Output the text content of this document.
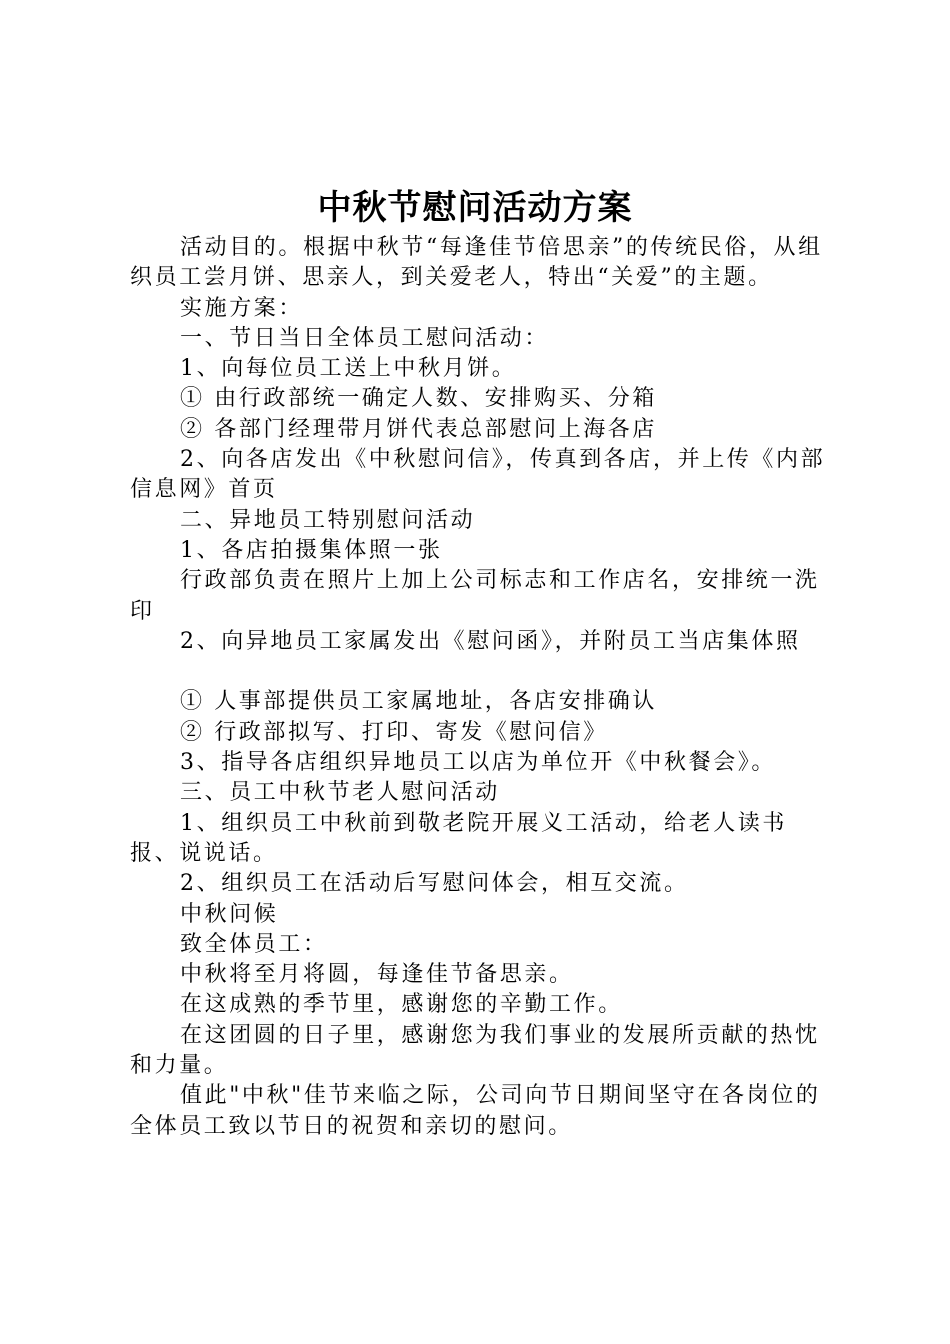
中秋节慰问活动方案

活动目的。根据中秋节“每逢佳节倍思亲”的传统民俗，从组织员工尝月饼、思亲人，到关爱老人，特出“关爱”的主题。

实施方案：

一、节日当日全体员工慰问活动：

1、向每位员工送上中秋月饼。

① 由行政部统一确定人数、安排购买、分箱

② 各部门经理带月饼代表总部慰问上海各店

2、向各店发出《中秋慰问信》，传真到各店，并上传《内部信息网》首页

二、异地员工特别慰问活动

1、各店拍摄集体照一张

行政部负责在照片上加上公司标志和工作店名，安排统一洗印

2、向异地员工家属发出《慰问函》，并附员工当店集体照

① 人事部提供员工家属地址，各店安排确认

② 行政部拟写、打印、寄发《慰问信》

3、指导各店组织异地员工以店为单位开《中秋餐会》。

三、员工中秋节老人慰问活动

1、组织员工中秋前到敬老院开展义工活动，给老人读书报、说说话。

2、组织员工在活动后写慰问体会，相互交流。

中秋问候

致全体员工：

中秋将至月将圆，每逢佳节备思亲。

在这成熟的季节里，感谢您的辛勤工作。

在这团圆的日子里，感谢您为我们事业的发展所贡献的热忱和力量。

值此"中秋"佳节来临之际，公司向节日期间坚守在各岗位的全体员工致以节日的祝贺和亲切的慰问。
